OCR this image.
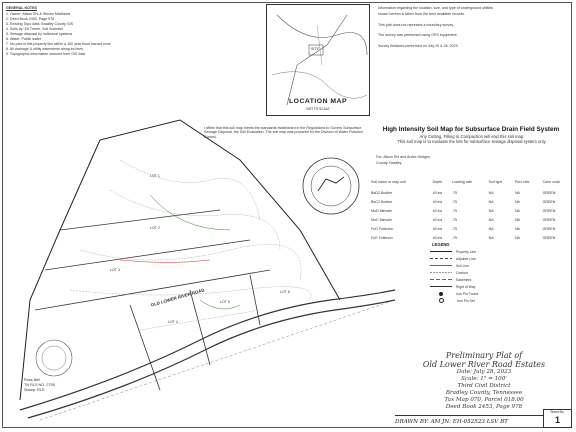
GENERAL NOTES
1. Owner: Alison Ehl & Steven Matthews
2. Deed Book 2453, Page 978
3. Existing Topo data: Bradley County GIS
4. Soils by: Ed Turner, Soil Scientist
5. Sewage disposal by individual systems
6. Water: Public water
7. No part of this property lies within a 100 year flood hazard zone
8. All drainage & utility easements along lot lines
9. Topographic information sourced from GIS lidar
SITE
LOCATION MAP
NOT TO SCALE
Information regarding the location, size, and type of underground utilities
shown hereon is taken from the best available records.
This plat does not represent a boundary survey.
The survey was performed using GPS equipment.
Survey fieldwork performed on July 20 & 28, 2023.
I affirm that this soil map meets the standards established in the Regulations to Govern Subsurface Sewage Disposal, the Soil Evaluation. The soil map was prepared for the Division of Water Pollution Control.
OLD LOWER RIVER ROAD
LOT 1
LOT 2
LOT 3
LOT 4
LOT 5
LOT 6
High Intensity Soil Map for Subsurface Drain Field System
Any Cutting, Filling or Compaction will void this soil map.
This soil map is to evaluate the lots for subsurface sewage disposal system only.
For: Alison Ehl and Andre Hedges
County: Bradley
Soil name or map unit	Depth	Loading rate	Soil type	Perc rate	Color code
BaD2 Bodine	40 ins	.75	NA	NA	GREEN
BaC2 Bodine	40 ins	.75	NA	NA	GREEN
MuD Minvale	40 ins	.75	NA	NA	GREEN
MuC Minvale	40 ins	.75	NA	NA	GREEN
FuD Fullerton	40 ins	.75	NA	NA	GREEN
FuE Fullerton	40 ins	.75	NA	NA	GREEN
LEGEND
Property Line
Adjoiner Line
Soil Line
Contour
Easement
Right of Way
Iron Pin Found
Iron Pin Set
Ross Bell
TN RLS NO. 2755
Stamp: RLS
Preliminary Plat of
Old Lower River Road Estates
Date: July 28, 2023
Scale: 1" = 100'
Third Civil District
Bradley County, Tennessee
Tax Map 070, Parcel 018.00
Deed Book 2453, Page 978
DRAWN BY: AM JN: EH-052523 LSV BT
Sheet No.
1
